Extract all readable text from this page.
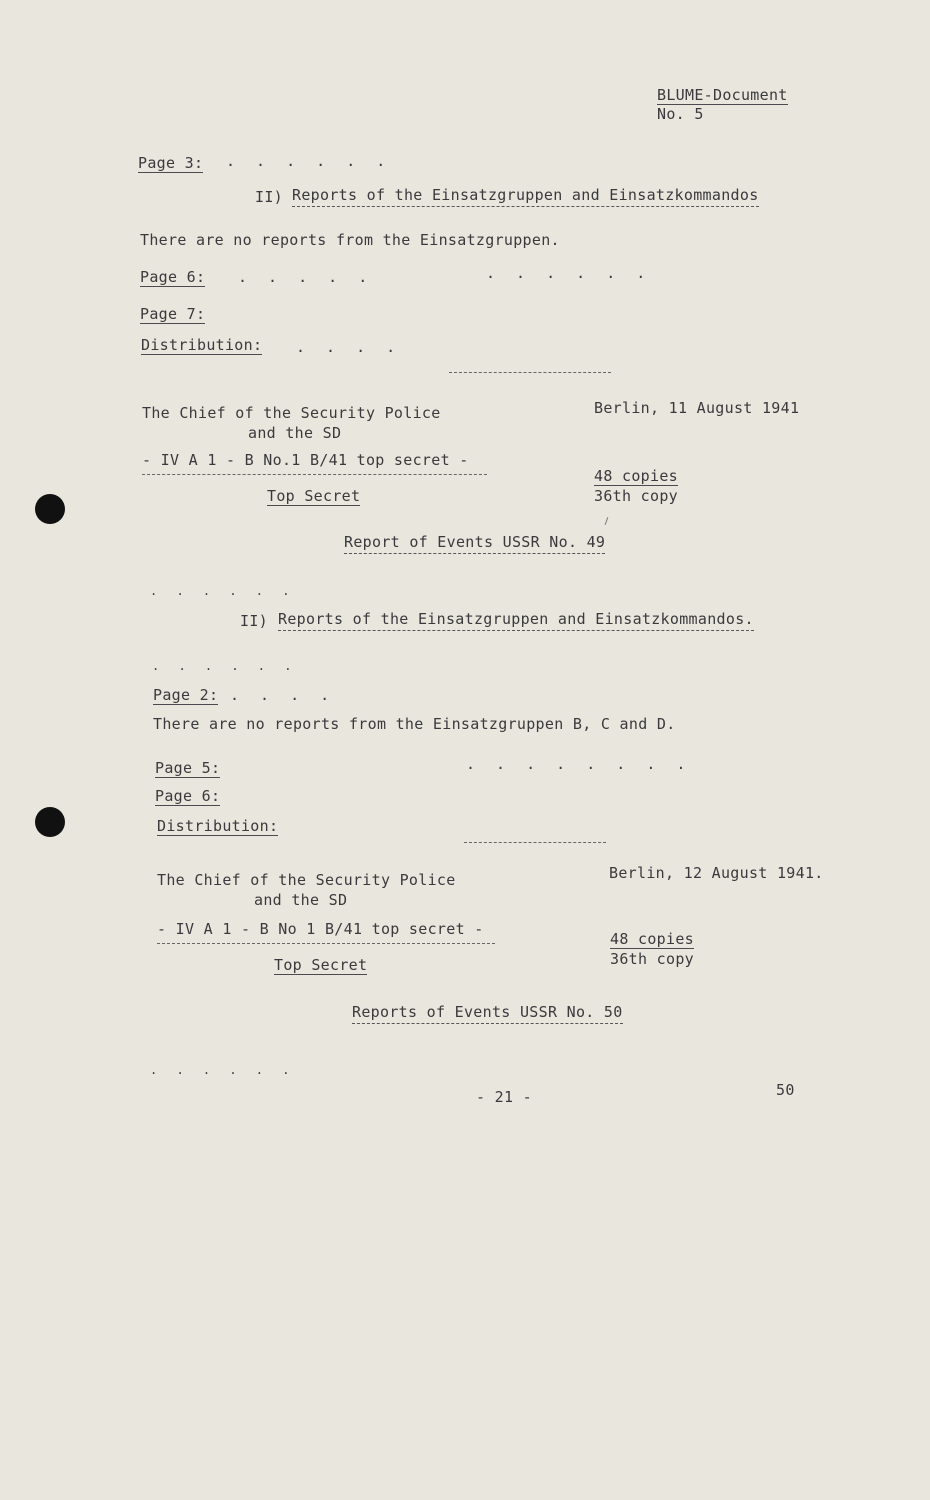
BLUME-Document
No. 5
Page 3: . . . . . .
II) Reports of the Einsatzgruppen and Einsatzkommandos
There are no reports from the Einsatzgruppen.
Page 6: . . . . .	. . . . . .
Page 7:
Distribution: . . . .
The Chief of the Security Police
and the SD
Berlin, 11 August 1941
- IV A 1 - B No.1 B/41 top secret -
48 copies
36th copy
Top Secret
Report of Events USSR No. 49
. . . . . .
II) Reports of the Einsatzgruppen and Einsatzkommandos.
. . . . . .
Page 2: . . . .
There are no reports from the Einsatzgruppen B, C and D.
Page 5:	. . . . . . . .
Page 6:
Distribution:
The Chief of the Security Police
and the SD
Berlin, 12 August 1941.
- IV A 1 - B No 1 B/41 top secret -
48 copies
36th copy
Top Secret
Reports of Events USSR No. 50
. . . . . .
- 21 -	50
